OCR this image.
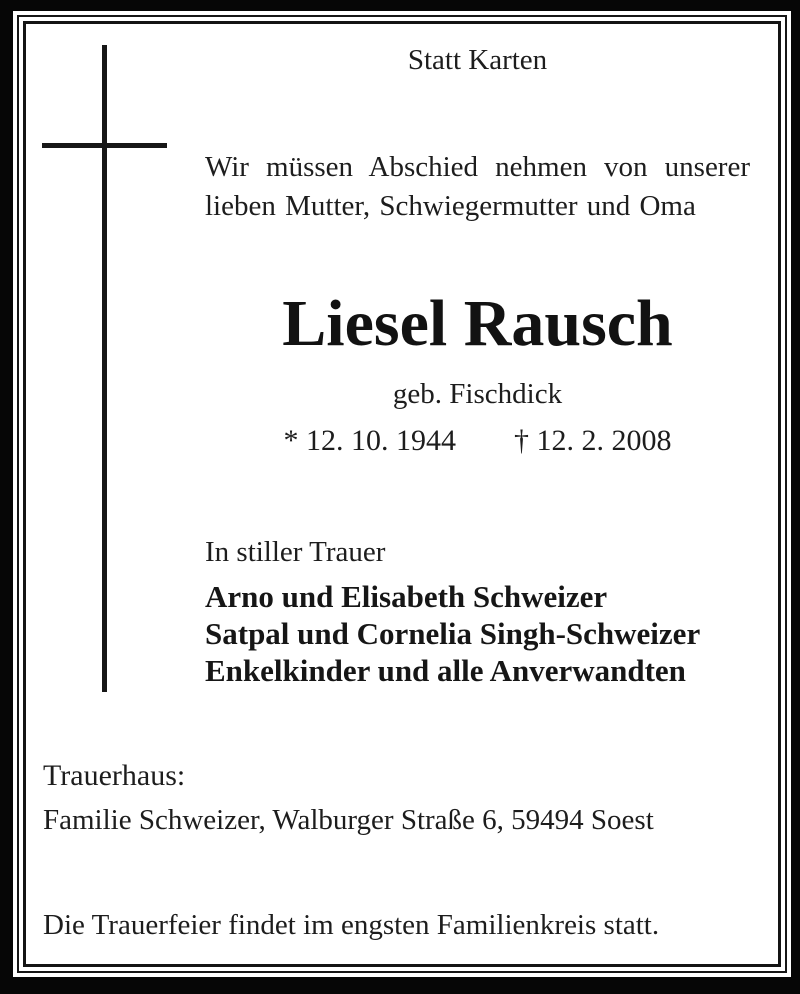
Statt Karten
Wir müssen Abschied nehmen von unserer
lieben Mutter, Schwiegermutter und Oma
Liesel Rausch
geb. Fischdick
* 12. 10. 1944 † 12. 2. 2008
In stiller Trauer
Arno und Elisabeth Schweizer
Satpal und Cornelia Singh-Schweizer
Enkelkinder und alle Anverwandten
Trauerhaus:
Familie Schweizer, Walburger Straße 6, 59494 Soest
Die Trauerfeier findet im engsten Familienkreis statt.
